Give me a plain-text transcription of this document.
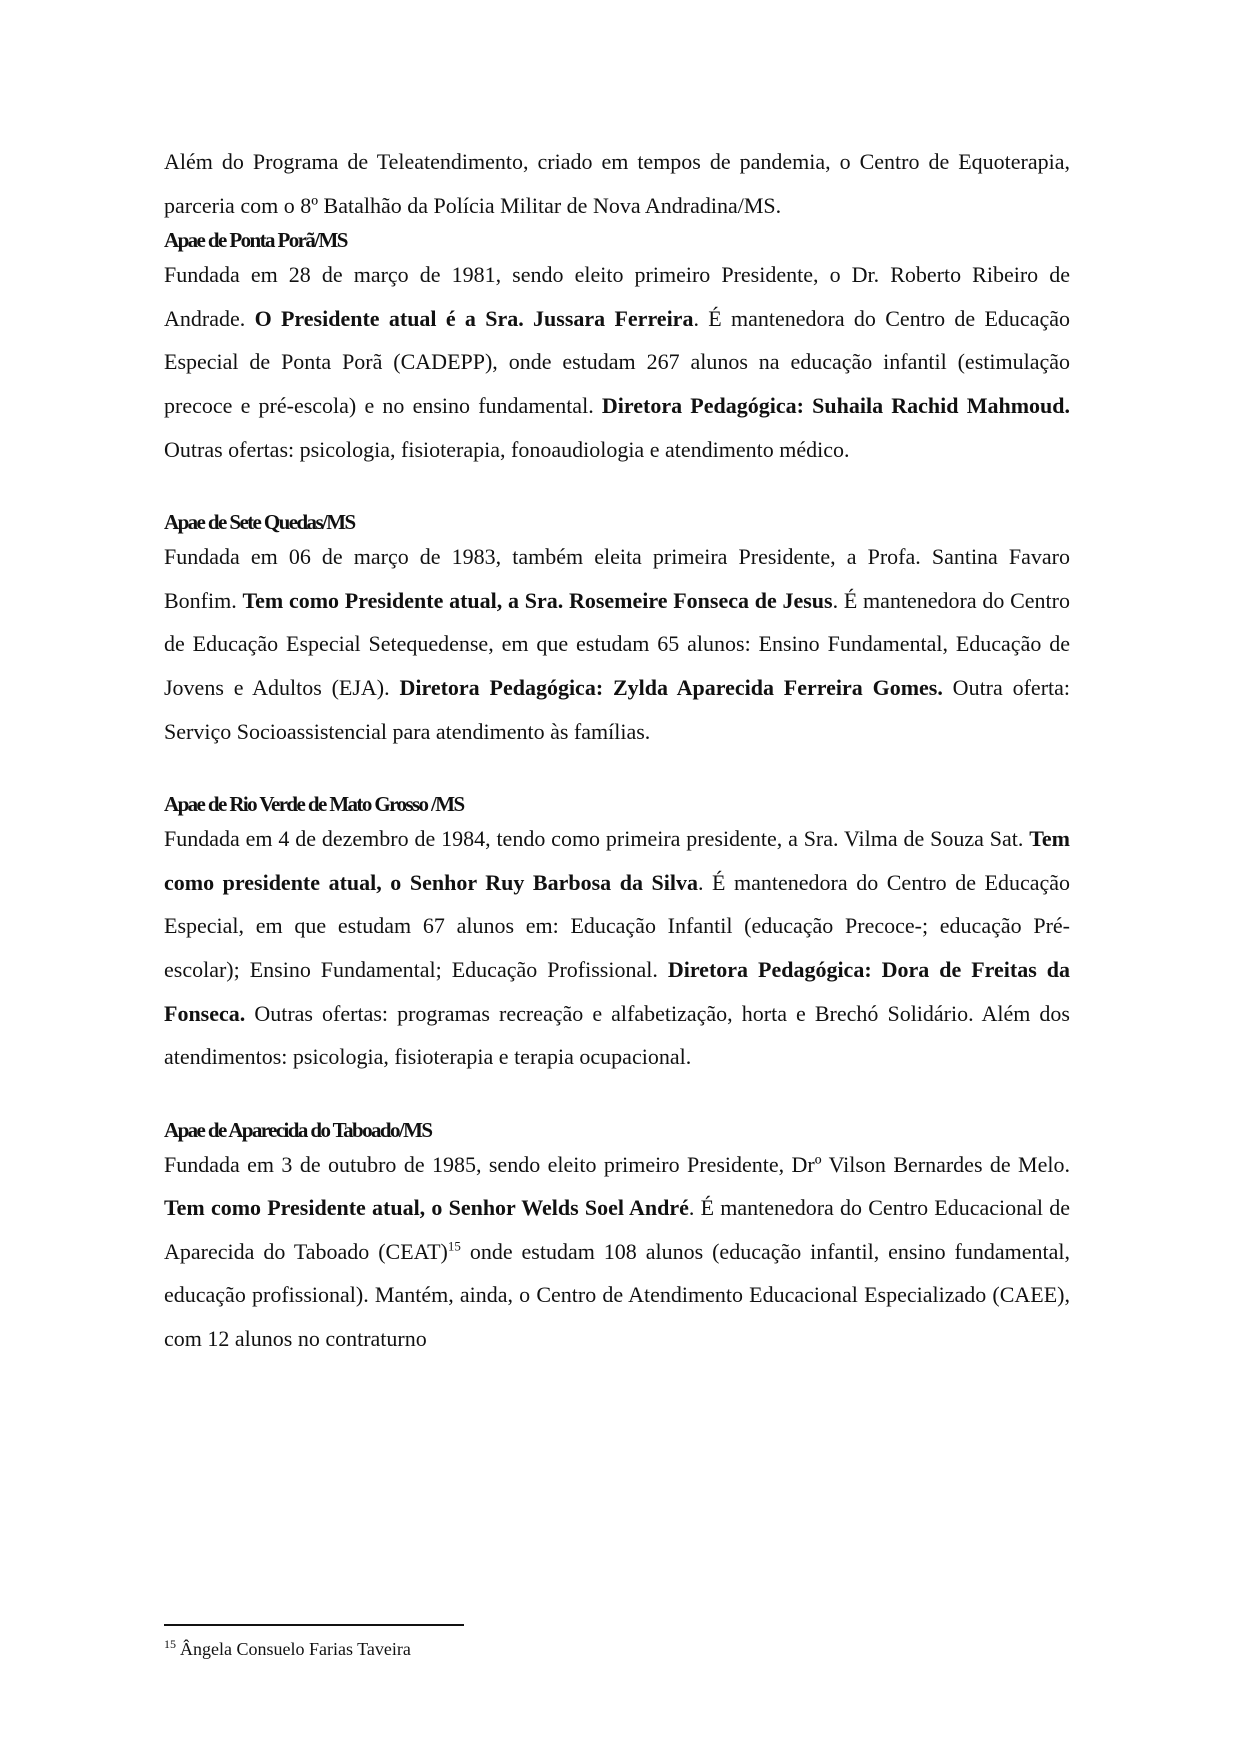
Além do Programa de Teleatendimento, criado em tempos de pandemia, o Centro de Equoterapia, parceria com o 8º Batalhão da Polícia Militar de Nova Andradina/MS.

Apae de Ponta Porã/MS

Fundada em 28 de março de 1981, sendo eleito primeiro Presidente, o Dr. Roberto Ribeiro de Andrade. O Presidente atual é a Sra. Jussara Ferreira. É mantenedora do Centro de Educação Especial de Ponta Porã (CADEPP), onde estudam 267 alunos na educação infantil (estimulação precoce e pré-escola) e no ensino fundamental. Diretora Pedagógica: Suhaila Rachid Mahmoud. Outras ofertas: psicologia, fisioterapia, fonoaudiologia e atendimento médico.

Apae de Sete Quedas/MS

Fundada em 06 de março de 1983, também eleita primeira Presidente, a Profa. Santina Favaro Bonfim. Tem como Presidente atual, a Sra. Rosemeire Fonseca de Jesus. É mantenedora do Centro de Educação Especial Setequedense, em que estudam 65 alunos: Ensino Fundamental, Educação de Jovens e Adultos (EJA). Diretora Pedagógica: Zylda Aparecida Ferreira Gomes. Outra oferta: Serviço Socioassistencial para atendimento às famílias.

Apae de Rio Verde de Mato Grosso /MS

Fundada em 4 de dezembro de 1984, tendo como primeira presidente, a Sra. Vilma de Souza Sat. Tem como presidente atual, o Senhor Ruy Barbosa da Silva. É mantenedora do Centro de Educação Especial, em que estudam 67 alunos em: Educação Infantil (educação Precoce-; educação Pré-escolar); Ensino Fundamental; Educação Profissional. Diretora Pedagógica: Dora de Freitas da Fonseca. Outras ofertas: programas recreação e alfabetização, horta e Brechó Solidário. Além dos atendimentos: psicologia, fisioterapia e terapia ocupacional.

Apae de Aparecida do Taboado/MS

Fundada em 3 de outubro de 1985, sendo eleito primeiro Presidente, Drº Vilson Bernardes de Melo. Tem como Presidente atual, o Senhor Welds Soel André. É mantenedora do Centro Educacional de Aparecida do Taboado (CEAT)$^{15}$ onde estudam 108 alunos (educação infantil, ensino fundamental, educação profissional). Mantém, ainda, o Centro de Atendimento Educacional Especializado (CAEE), com 12 alunos no contraturno

$^{15}$ Ângela Consuelo Farias Taveira
